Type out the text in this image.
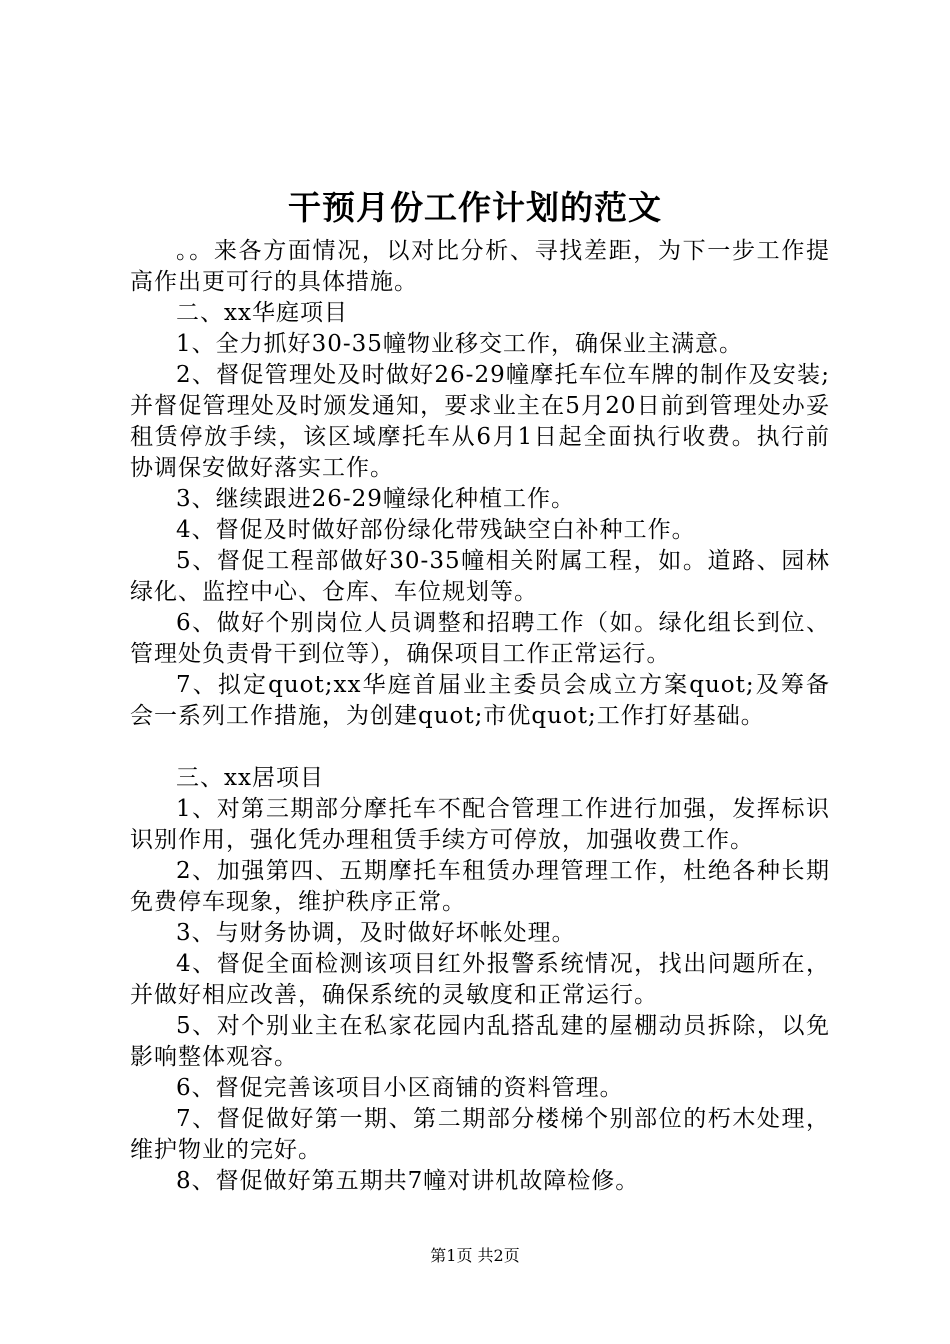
干预月份工作计划的范文

。。来各方面情况，以对比分析、寻找差距，为下一步工作提高作出更可行的具体措施。

二、xx华庭项目

1、全力抓好30-35幢物业移交工作，确保业主满意。

2、督促管理处及时做好26-29幢摩托车位车牌的制作及安装;并督促管理处及时颁发通知，要求业主在5月20日前到管理处办妥租赁停放手续，该区域摩托车从6月1日起全面执行收费。执行前协调保安做好落实工作。

3、继续跟进26-29幢绿化种植工作。

4、督促及时做好部份绿化带残缺空白补种工作。

5、督促工程部做好30-35幢相关附属工程，如。道路、园林绿化、监控中心、仓库、车位规划等。

6、做好个别岗位人员调整和招聘工作（如。绿化组长到位、管理处负责骨干到位等），确保项目工作正常运行。

7、拟定quot;xx华庭首届业主委员会成立方案quot;及筹备会一系列工作措施，为创建quot;市优quot;工作打好基础。

三、xx居项目

1、对第三期部分摩托车不配合管理工作进行加强，发挥标识识别作用，强化凭办理租赁手续方可停放，加强收费工作。

2、加强第四、五期摩托车租赁办理管理工作，杜绝各种长期免费停车现象，维护秩序正常。

3、与财务协调，及时做好坏帐处理。

4、督促全面检测该项目红外报警系统情况，找出问题所在，并做好相应改善，确保系统的灵敏度和正常运行。

5、对个别业主在私家花园内乱搭乱建的屋棚动员拆除，以免影响整体观容。

6、督促完善该项目小区商铺的资料管理。

7、督促做好第一期、第二期部分楼梯个别部位的朽木处理，维护物业的完好。

8、督促做好第五期共7幢对讲机故障检修。

第1页 共2页
